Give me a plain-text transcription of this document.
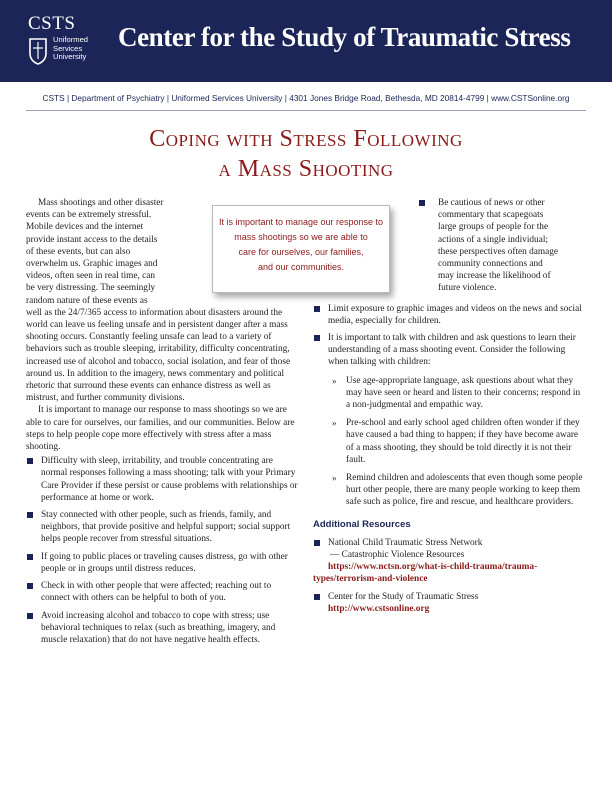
CSTS
Uniformed
Services
University
Center for the Study of Traumatic Stress
CSTS | Department of Psychiatry | Uniformed Services University | 4301 Jones Bridge Road, Bethesda, MD 20814-4799 | www.CSTSonline.org
Coping with Stress Following
a Mass Shooting
Mass shootings and other disaster
events can be extremely stressful.
Mobile devices and the internet
provide instant access to the details
of these events, but can also
overwhelm us. Graphic images and
videos, often seen in real time, can
be very distressing. The seemingly
random nature of these events as

well as the 24/7/365 access to information about disasters around the world can leave us feeling unsafe and in persistent danger after a mass shooting occurs. Constantly feeling unsafe can lead to a variety of behaviors such as trouble sleeping, irritability, difficulty concentrating, increased use of alcohol and tobacco, social isolation, and fear of those around us. In addition to the imagery, news commentary and political rhetoric that surround these events can enhance distress as well as mistrust, and further community divisions.

It is important to manage our response to mass shootings so we are able to care for ourselves, our families, and our communities. Below are steps to help people cope more effectively with stress after a mass shooting.

Difficulty with sleep, irritability, and trouble concentrating are normal responses following a mass shooting; talk with your Primary Care Provider if these persist or cause problems with relationships or performance at home or work.
Stay connected with other people, such as friends, family, and neighbors, that provide positive and helpful support; social support helps people recover from stressful situations.
If going to public places or traveling causes distress, go with other people or in groups until distress reduces.
Check in with other people that were affected; reaching out to connect with others can be helpful to both of you.
Avoid increasing alcohol and tobacco to cope with stress; use behavioral techniques to relax (such as breathing, imagery, and muscle relaxation) that do not have negative health effects.
It is important to manage our response to
mass shootings so we are able to
care for ourselves, our families,
and our communities.
Be cautious of news or other
commentary that scapegoats
large groups of people for the
actions of a single individual;
these perspectives often damage
community connections and
may increase the likelihood of
future violence.
Limit exposure to graphic images and videos on the news and social media, especially for children.
It is important to talk with children and ask questions to learn their understanding of a mass shooting event. Consider the following when talking with children:
» Use age-appropriate language, ask questions about what they may have seen or heard and listen to their concerns; respond in a non-judgmental and empathic way.
» Pre-school and early school aged children often wonder if they have caused a bad thing to happen; if they have become aware of a mass shooting, they should be told directly it is not their fault.
» Remind children and adolescents that even though some people hurt other people, there are many people working to keep them safe such as police, fire and rescue, and healthcare providers.
Additional Resources
National Child Traumatic Stress Network
— Catastrophic Violence Resources
https://www.nctsn.org/what-is-child-trauma/trauma-
types/terrorism-and-violence
Center for the Study of Traumatic Stress
http://www.cstsonline.org
